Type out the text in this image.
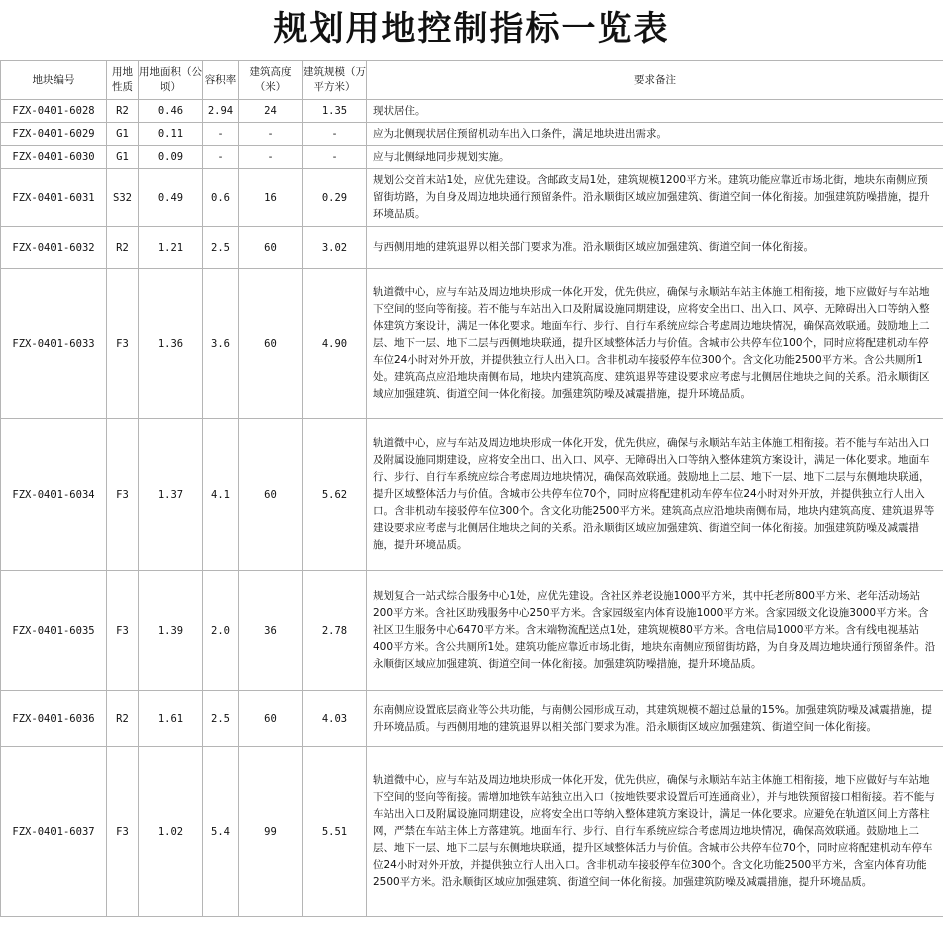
规划用地控制指标一览表
地块编号	用地性质	用地面积（公顷）	容积率	建筑高度（米）	建筑规模（万平方米）	要求备注
FZX-0401-6028	R2	0.46	2.94	24	1.35	现状居住。
FZX-0401-6029	G1	0.11	-	-	-	应为北侧现状居住预留机动车出入口条件，满足地块进出需求。
FZX-0401-6030	G1	0.09	-	-	-	应与北侧绿地同步规划实施。
FZX-0401-6031	S32	0.49	0.6	16	0.29	规划公交首末站1处，应优先建设。含邮政支局1处，建筑规模1200平方米。建筑功能应靠近市场北街，地块东南侧应预留街坊路，为自身及周边地块通行预留条件。沿永顺街区域应加强建筑、街道空间一体化衔接。加强建筑防噪措施，提升环境品质。
FZX-0401-6032	R2	1.21	2.5	60	3.02	与西侧用地的建筑退界以相关部门要求为准。沿永顺街区域应加强建筑、街道空间一体化衔接。
FZX-0401-6033	F3	1.36	3.6	60	4.90	轨道微中心，应与车站及周边地块形成一体化开发，优先供应，确保与永顺站车站主体施工相衔接，地下应做好与车站地下空间的竖向等衔接。若不能与车站出入口及附属设施同期建设，应将安全出口、出入口、风亭、无障碍出入口等纳入整体建筑方案设计，满足一体化要求。地面车行、步行、自行车系统应综合考虑周边地块情况，确保高效联通。鼓励地上二层、地下一层、地下二层与西侧地块联通，提升区域整体活力与价值。含城市公共停车位100个，同时应将配建机动车停车位24小时对外开放，并提供独立行人出入口。含非机动车接驳停车位300个。含文化功能2500平方米。含公共厕所1处。建筑高点应沿地块南侧布局，地块内建筑高度、建筑退界等建设要求应考虑与北侧居住地块之间的关系。沿永顺街区域应加强建筑、街道空间一体化衔接。加强建筑防噪及减震措施，提升环境品质。
FZX-0401-6034	F3	1.37	4.1	60	5.62	轨道微中心，应与车站及周边地块形成一体化开发，优先供应，确保与永顺站车站主体施工相衔接。若不能与车站出入口及附属设施同期建设，应将安全出口、出入口、风亭、无障碍出入口等纳入整体建筑方案设计，满足一体化要求。地面车行、步行、自行车系统应综合考虑周边地块情况，确保高效联通。鼓励地上二层、地下一层、地下二层与东侧地块联通，提升区域整体活力与价值。含城市公共停车位70个，同时应将配建机动车停车位24小时对外开放，并提供独立行人出入口。含非机动车接驳停车位300个。含文化功能2500平方米。建筑高点应沿地块南侧布局，地块内建筑高度、建筑退界等建设要求应考虑与北侧居住地块之间的关系。沿永顺街区域应加强建筑、街道空间一体化衔接。加强建筑防噪及减震措施，提升环境品质。
FZX-0401-6035	F3	1.39	2.0	36	2.78	规划复合一站式综合服务中心1处，应优先建设。含社区养老设施1000平方米，其中托老所800平方米、老年活动场站200平方米。含社区助残服务中心250平方米。含家园级室内体育设施1000平方米。含家园级文化设施3000平方米。含社区卫生服务中心6470平方米。含末端物流配送点1处，建筑规模80平方米。含电信局1000平方米。含有线电视基站400平方米。含公共厕所1处。建筑功能应靠近市场北街，地块东南侧应预留街坊路，为自身及周边地块通行预留条件。沿永顺街区域应加强建筑、街道空间一体化衔接。加强建筑防噪措施，提升环境品质。
FZX-0401-6036	R2	1.61	2.5	60	4.03	东南侧应设置底层商业等公共功能，与南侧公园形成互动，其建筑规模不超过总量的15%。加强建筑防噪及减震措施，提升环境品质。与西侧用地的建筑退界以相关部门要求为准。沿永顺街区域应加强建筑、街道空间一体化衔接。
FZX-0401-6037	F3	1.02	5.4	99	5.51	轨道微中心，应与车站及周边地块形成一体化开发，优先供应，确保与永顺站车站主体施工相衔接，地下应做好与车站地下空间的竖向等衔接。需增加地铁车站独立出入口（按地铁要求设置后可连通商业），并与地铁预留接口相衔接。若不能与车站出入口及附属设施同期建设，应将安全出口等纳入整体建筑方案设计，满足一体化要求。应避免在轨道区间上方落柱网，严禁在车站主体上方落建筑。地面车行、步行、自行车系统应综合考虑周边地块情况，确保高效联通。鼓励地上二层、地下一层、地下二层与东侧地块联通，提升区域整体活力与价值。含城市公共停车位70个，同时应将配建机动车停车位24小时对外开放，并提供独立行人出入口。含非机动车接驳停车位300个。含文化功能2500平方米，含室内体育功能2500平方米。沿永顺街区域应加强建筑、街道空间一体化衔接。加强建筑防噪及减震措施，提升环境品质。
